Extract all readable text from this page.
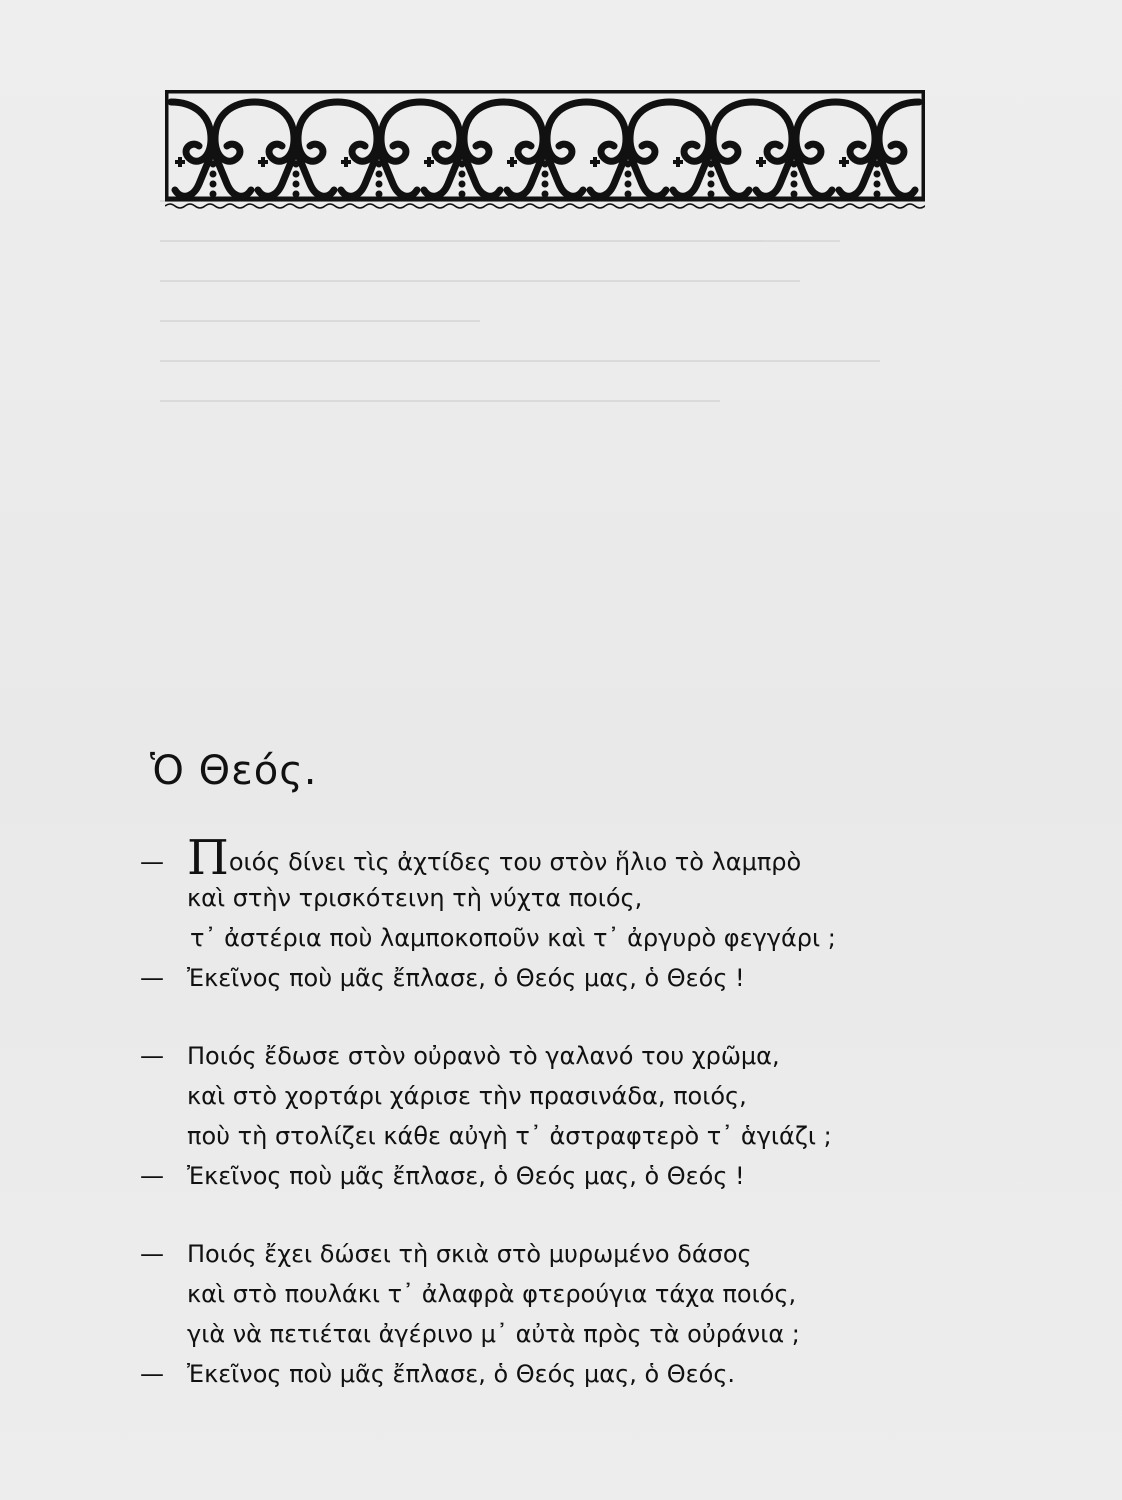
Ὁ Θεός.
— Ποιός δίνει τὶς ἀχτίδες του στὸν ἥλιο τὸ λαμπρὸ
καὶ στὴν τρισκότεινη τὴ νύχτα ποιός,
τ᾽ ἀστέρια ποὺ λαμποκοποῦν καὶ τ᾽ ἀργυρὸ φεγγάρι ;
— Ἐκεῖνος ποὺ μᾶς ἔπλασε, ὁ Θεός μας, ὁ Θεός !
— Ποιός ἔδωσε στὸν οὐρανὸ τὸ γαλανό του χρῶμα,
καὶ στὸ χορτάρι χάρισε τὴν πρασινάδα, ποιός,
ποὺ τὴ στολίζει κάθε αὐγὴ τ᾽ ἀστραφτερὸ τ᾽ ἁγιάζι ;
— Ἐκεῖνος ποὺ μᾶς ἔπλασε, ὁ Θεός μας, ὁ Θεός !
— Ποιός ἔχει δώσει τὴ σκιὰ στὸ μυρωμένο δάσος
καὶ στὸ πουλάκι τ᾽ ἀλαφρὰ φτερούγια τάχα ποιός,
γιὰ νὰ πετιέται ἀγέρινο μ᾽ αὐτὰ πρὸς τὰ οὐράνια ;
— Ἐκεῖνος ποὺ μᾶς ἔπλασε, ὁ Θεός μας, ὁ Θεός.
